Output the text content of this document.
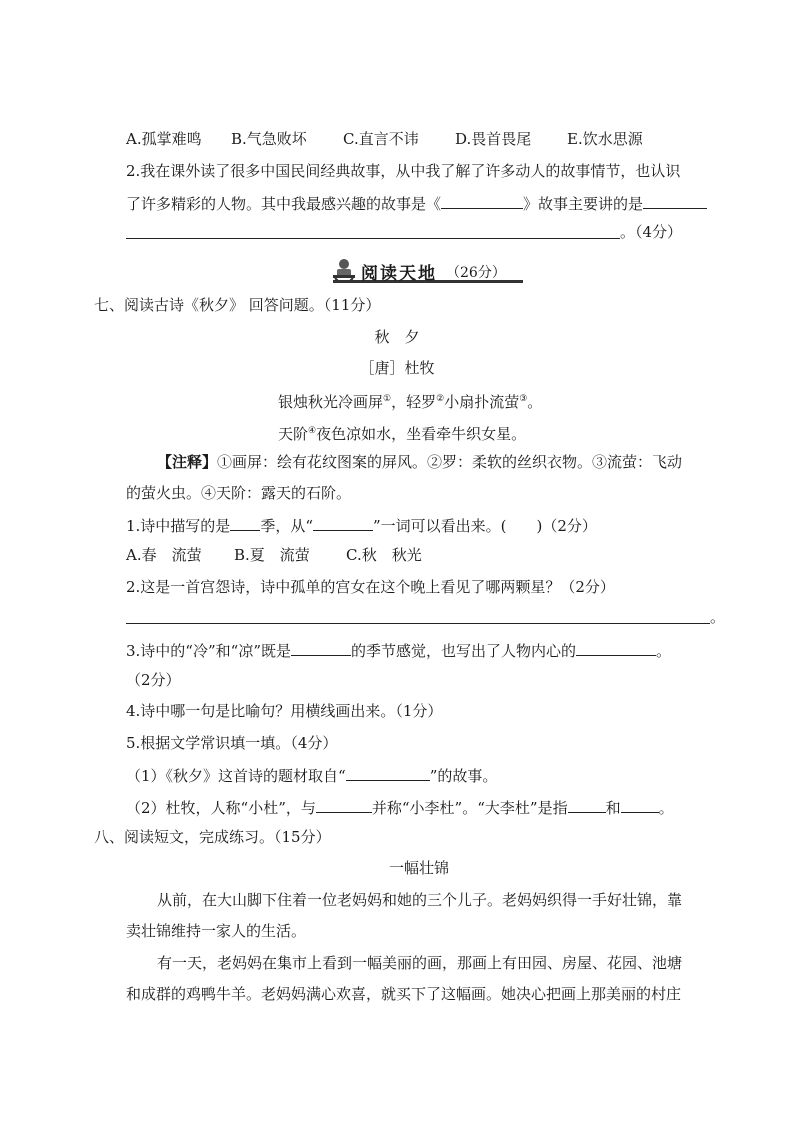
A.孤掌难鸣 B.气急败坏 C.直言不讳 D.畏首畏尾 E.饮水思源
2.我在课外读了很多中国民间经典故事，从中我了解了许多动人的故事情节，也认识
了许多精彩的人物。其中我最感兴趣的故事是《	》故事主要讲的是
。（4分）
阅读天地 （26分）
七、阅读古诗《秋夕》 回答问题。（11分）
秋　夕
［唐］杜牧
银烛秋光冷画屏①，轻罗②小扇扑流萤③。
天阶④夜色凉如水，坐看牵牛织女星。
【注释】①画屏：绘有花纹图案的屏风。②罗：柔软的丝织衣物。③流萤：飞动
的萤火虫。④天阶：露天的石阶。
1.诗中描写的是 季，从“	”一词可以看出来。(　　)（2分）
A.春　流萤 B.夏　流萤 C.秋　秋光
2.这是一首宫怨诗，诗中孤单的宫女在这个晚上看见了哪两颗星？（2分）
。
3.诗中的“冷”和“凉”既是	的季节感觉，也写出了人物内心的	。
（2分）
4.诗中哪一句是比喻句？用横线画出来。（1分）
5.根据文学常识填一填。（4分）
（1）《秋夕》这首诗的题材取自“	”的故事。
（2）杜牧，人称“小杜”，与	并称“小李杜”。“大李杜”是指	和	。
八、阅读短文，完成练习。（15分）
一幅壮锦
从前，在大山脚下住着一位老妈妈和她的三个儿子。老妈妈织得一手好壮锦，靠
卖壮锦维持一家人的生活。
有一天，老妈妈在集市上看到一幅美丽的画，那画上有田园、房屋、花园、池塘
和成群的鸡鸭牛羊。老妈妈满心欢喜，就买下了这幅画。她决心把画上那美丽的村庄
